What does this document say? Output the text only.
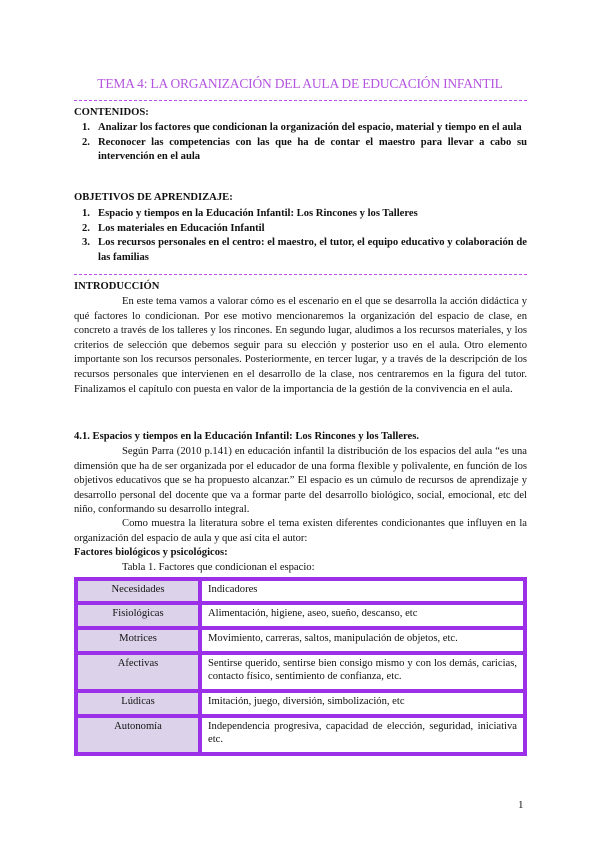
TEMA 4: LA ORGANIZACIÓN DEL AULA DE EDUCACIÓN INFANTIL
CONTENIDOS:
1. Analizar los factores que condicionan la organización del espacio, material y tiempo en el aula
2. Reconocer las competencias con las que ha de contar el maestro para llevar a cabo su intervención en el aula
OBJETIVOS DE APRENDIZAJE:
1. Espacio y tiempos en la Educación Infantil: Los Rincones y los Talleres
2. Los materiales en Educación Infantil
3. Los recursos personales en el centro: el maestro, el tutor, el equipo educativo y colaboración de las familias
INTRODUCCIÓN

En este tema vamos a valorar cómo es el escenario en el que se desarrolla la acción didáctica y qué factores lo condicionan. Por ese motivo mencionaremos la organización del espacio de clase, en concreto a través de los talleres y los rincones. En segundo lugar, aludimos a los recursos materiales, y los criterios de selección que debemos seguir para su elección y posterior uso en el aula. Otro elemento importante son los recursos personales. Posteriormente, en tercer lugar, y a través de la descripción de los recursos personales que intervienen en el desarrollo de la clase, nos centraremos en la figura del tutor. Finalizamos el capítulo con puesta en valor de la importancia de la gestión de la convivencia en el aula.

4.1. Espacios y tiempos en la Educación Infantil: Los Rincones y los Talleres.

Según Parra (2010 p.141) en educación infantil la distribución de los espacios del aula “es una dimensión que ha de ser organizada por el educador de una forma flexible y polivalente, en función de los objetivos educativos que se ha propuesto alcanzar.” El espacio es un cúmulo de recursos de aprendizaje y desarrollo personal del docente que va a formar parte del desarrollo biológico, social, emocional, etc del niño, conformando su desarrollo integral.

Como muestra la literatura sobre el tema existen diferentes condicionantes que influyen en la organización del espacio de aula y que así cita el autor:

Factores biológicos y psicológicos:
Tabla 1. Factores que condicionan el espacio:
Necesidades	Indicadores
Fisiológicas	Alimentación, higiene, aseo, sueño, descanso, etc
Motrices	Movimiento, carreras, saltos, manipulación de objetos, etc.
Afectivas	Sentirse querido, sentirse bien consigo mismo y con los demás, caricias, contacto físico, sentimiento de confianza, etc.
Lúdicas	Imitación, juego, diversión, simbolización, etc
Autonomía	Independencia progresiva, capacidad de elección, seguridad, iniciativa etc.
1
